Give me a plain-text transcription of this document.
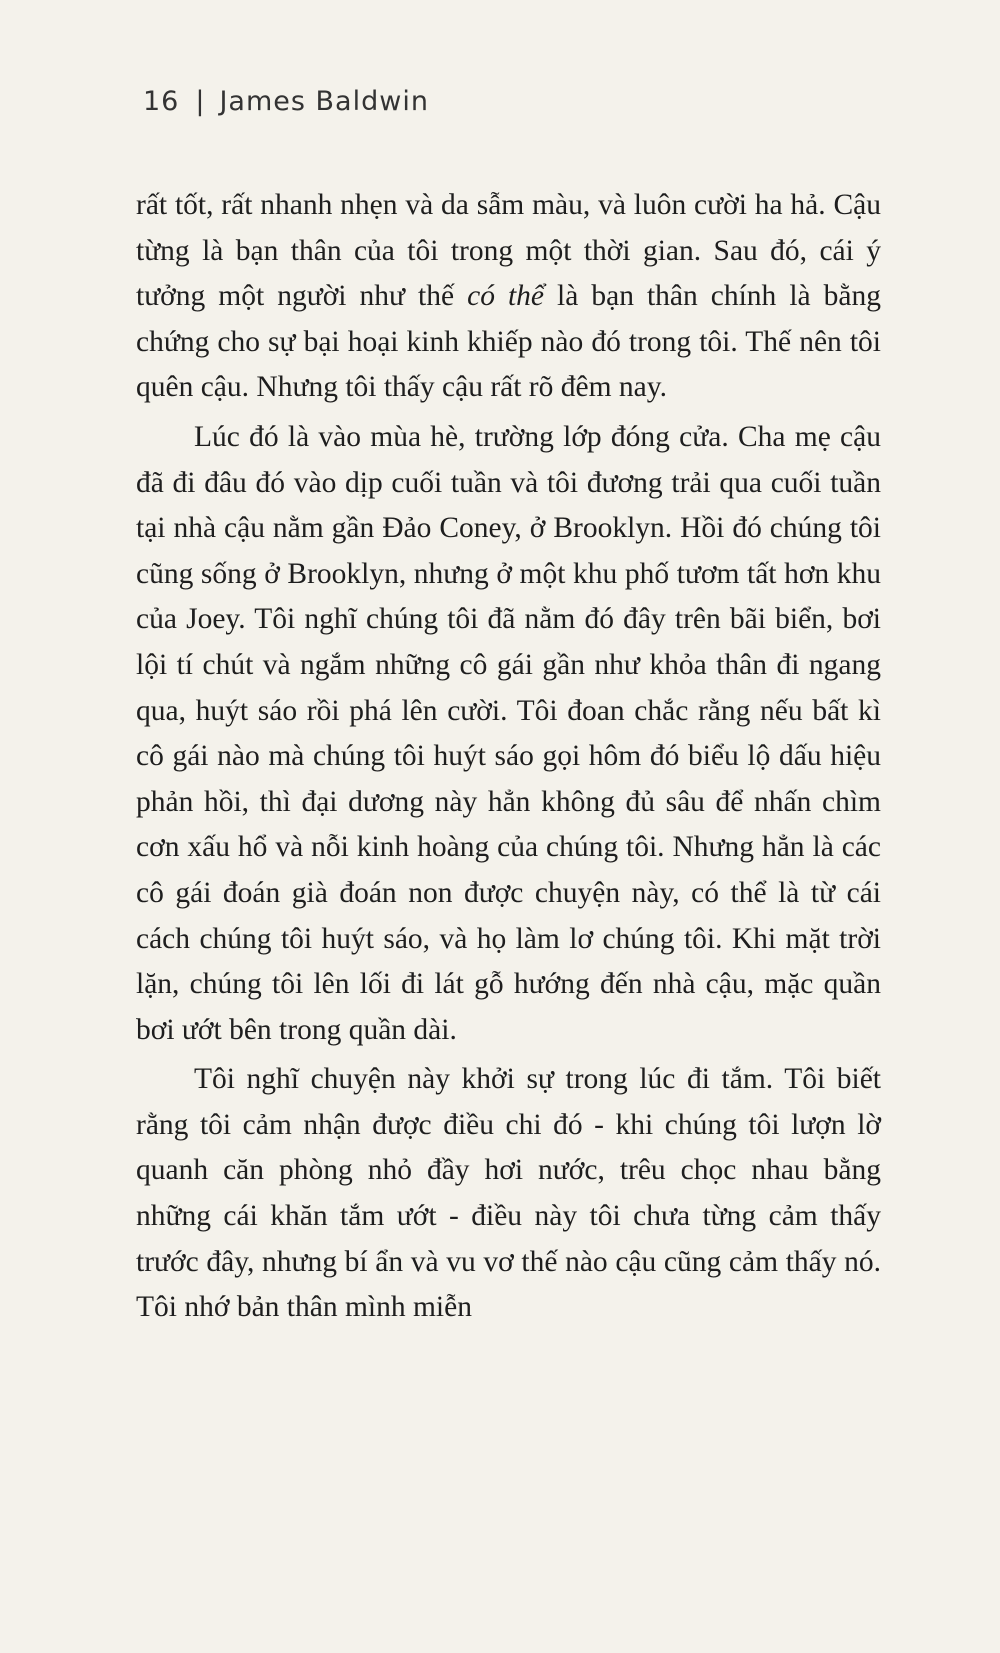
16 | James Baldwin

rất tốt, rất nhanh nhẹn và da sẫm màu, và luôn cười ha hả. Cậu từng là bạn thân của tôi trong một thời gian. Sau đó, cái ý tưởng một người như thế có thể là bạn thân chính là bằng chứng cho sự bại hoại kinh khiếp nào đó trong tôi. Thế nên tôi quên cậu. Nhưng tôi thấy cậu rất rõ đêm nay.

Lúc đó là vào mùa hè, trường lớp đóng cửa. Cha mẹ cậu đã đi đâu đó vào dịp cuối tuần và tôi đương trải qua cuối tuần tại nhà cậu nằm gần Đảo Coney, ở Brooklyn. Hồi đó chúng tôi cũng sống ở Brooklyn, nhưng ở một khu phố tươm tất hơn khu của Joey. Tôi nghĩ chúng tôi đã nằm đó đây trên bãi biển, bơi lội tí chút và ngắm những cô gái gần như khỏa thân đi ngang qua, huýt sáo rồi phá lên cười. Tôi đoan chắc rằng nếu bất kì cô gái nào mà chúng tôi huýt sáo gọi hôm đó biểu lộ dấu hiệu phản hồi, thì đại dương này hẳn không đủ sâu để nhấn chìm cơn xấu hổ và nỗi kinh hoàng của chúng tôi. Nhưng hẳn là các cô gái đoán già đoán non được chuyện này, có thể là từ cái cách chúng tôi huýt sáo, và họ làm lơ chúng tôi. Khi mặt trời lặn, chúng tôi lên lối đi lát gỗ hướng đến nhà cậu, mặc quần bơi ướt bên trong quần dài.

Tôi nghĩ chuyện này khởi sự trong lúc đi tắm. Tôi biết rằng tôi cảm nhận được điều chi đó - khi chúng tôi lượn lờ quanh căn phòng nhỏ đầy hơi nước, trêu chọc nhau bằng những cái khăn tắm ướt - điều này tôi chưa từng cảm thấy trước đây, nhưng bí ẩn và vu vơ thế nào cậu cũng cảm thấy nó. Tôi nhớ bản thân mình miễn
